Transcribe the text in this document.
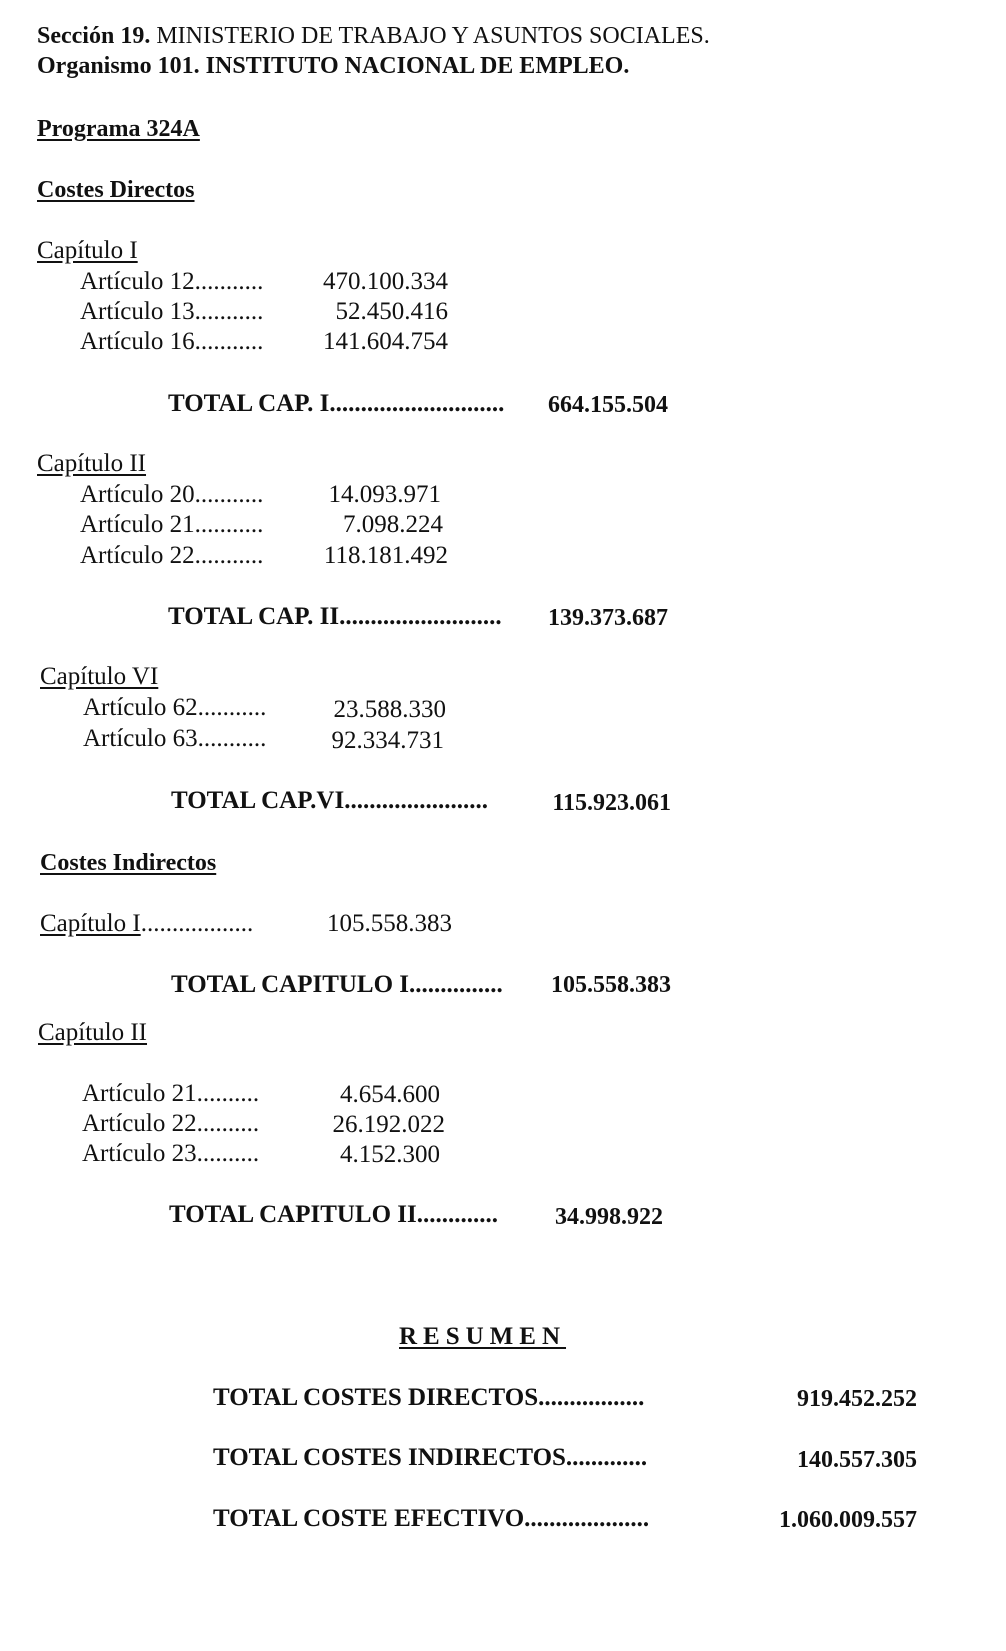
Sección 19. MINISTERIO DE TRABAJO Y ASUNTOS SOCIALES.
Organismo 101. INSTITUTO NACIONAL DE EMPLEO.
Programa 324A
Costes Directos
Capítulo I
Artículo 12...........	470.100.334
Artículo 13...........	52.450.416
Artículo 16...........	141.604.754
TOTAL CAP. I............................	664.155.504
Capítulo II
Artículo 20...........	14.093.971
Artículo 21...........	7.098.224
Artículo 22...........	118.181.492
TOTAL CAP. II..........................	139.373.687
Capítulo VI
Artículo 62...........	23.588.330
Artículo 63...........	92.334.731
TOTAL CAP.VI.......................	115.923.061
Costes Indirectos
Capítulo I..................	105.558.383
TOTAL CAPITULO I...............	105.558.383
Capítulo II
Artículo 21..........	4.654.600
Artículo 22..........	26.192.022
Artículo 23..........	4.152.300
TOTAL CAPITULO II.............	34.998.922
RESUMEN
TOTAL COSTES DIRECTOS.................	919.452.252
TOTAL COSTES INDIRECTOS.............	140.557.305
TOTAL COSTE EFECTIVO....................	1.060.009.557
